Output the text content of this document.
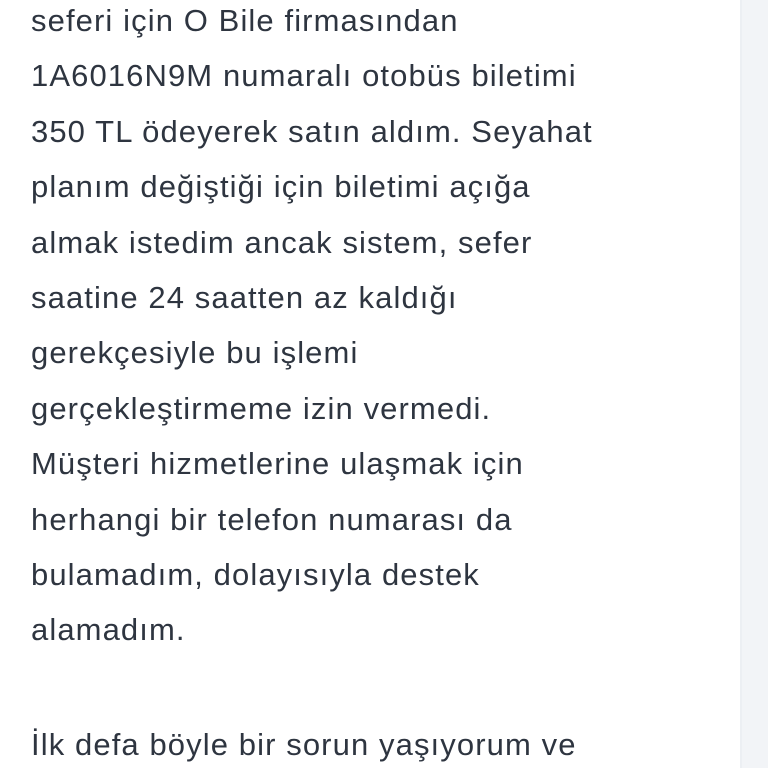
seferi için O Bile firmasından
1A6016N9M numaralı otobüs biletimi
350 TL ödeyerek satın aldım. Seyahat
planım değiştiği için biletimi açığa
almak istedim ancak sistem, sefer
saatine 24 saatten az kaldığı
gerekçesiyle bu işlemi
gerçekleştirmeme izin vermedi.
Müşteri hizmetlerine ulaşmak için
herhangi bir telefon numarası da
bulamadım, dolayısıyla destek
alamadım.
İlk defa böyle bir sorun yaşıyorum ve
